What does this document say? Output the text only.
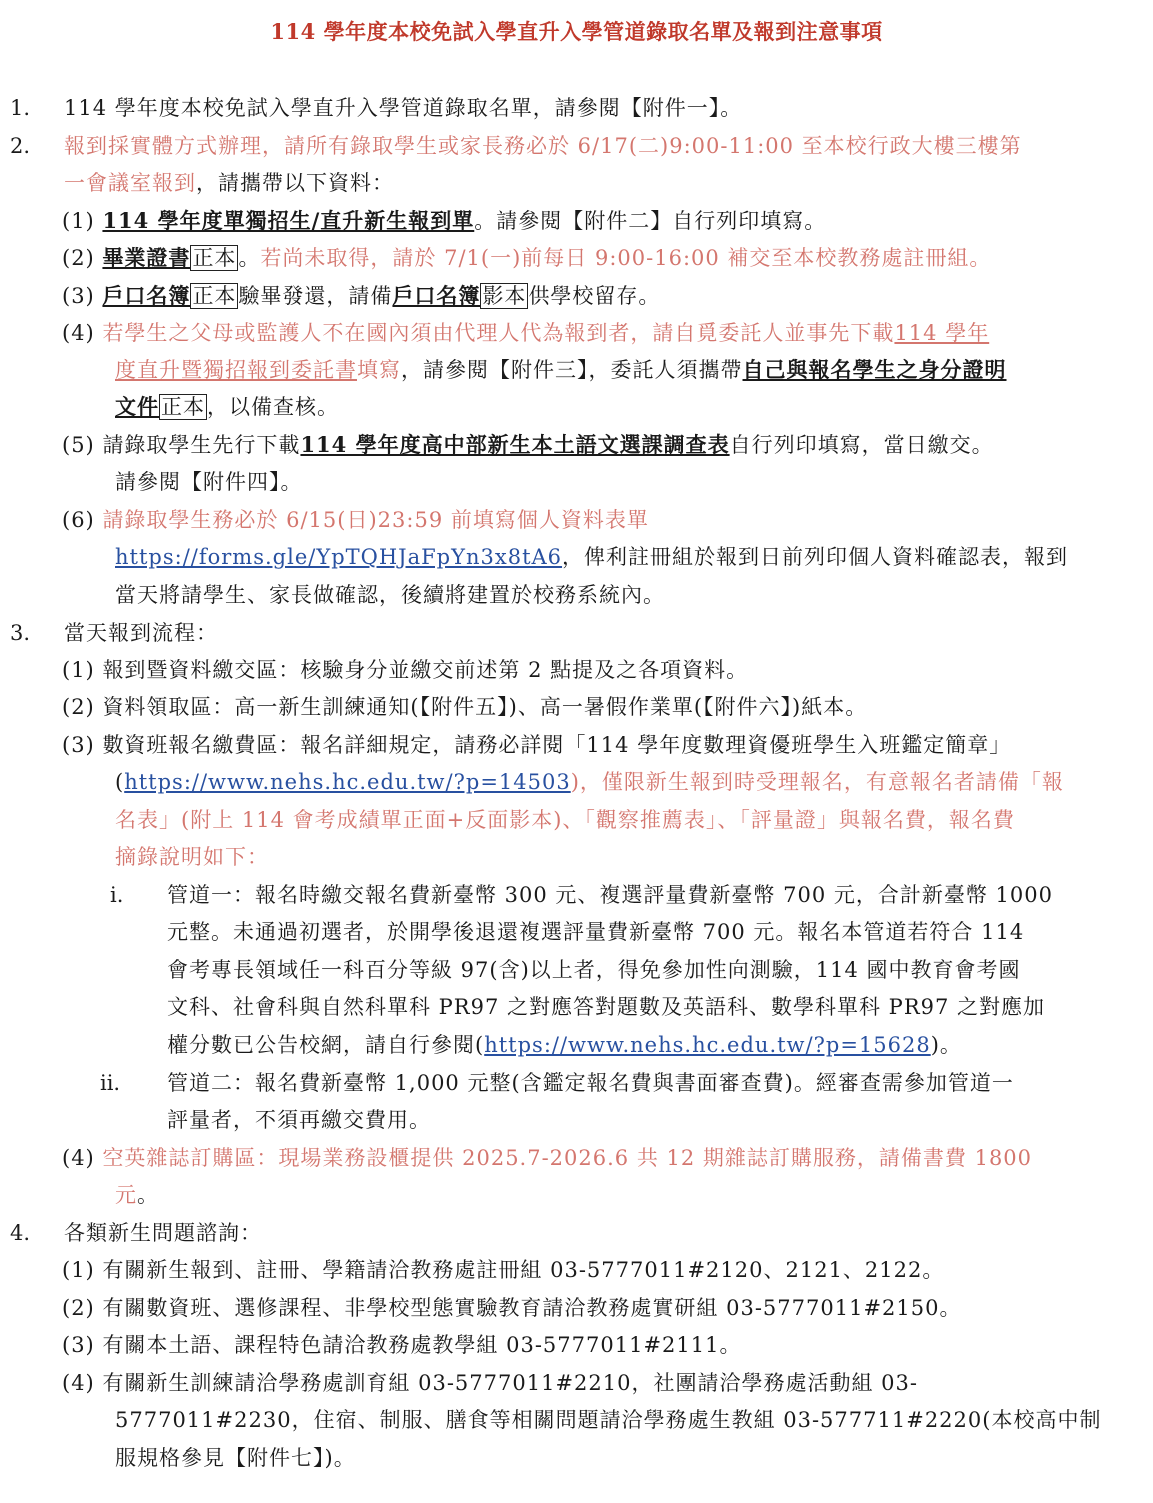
114 學年度本校免試入學直升入學管道錄取名單及報到注意事項
1. 114 學年度本校免試入學直升入學管道錄取名單，請參閱【附件一】。
2. 報到採實體方式辦理，請所有錄取學生或家長務必於 6/17(二)9:00-11:00 至本校行政大樓三樓第
一會議室報到，請攜帶以下資料：
(1) 114 學年度單獨招生/直升新生報到單。請參閱【附件二】自行列印填寫。
(2) 畢業證書正本。若尚未取得，請於 7/1(一)前每日 9:00-16:00 補交至本校教務處註冊組。
(3) 戶口名簿正本驗畢發還，請備戶口名簿影本供學校留存。
(4) 若學生之父母或監護人不在國內須由代理人代為報到者，請自覓委託人並事先下載114 學年
度直升暨獨招報到委託書填寫，請參閱【附件三】，委託人須攜帶自己與報名學生之身分證明
文件正本，以備查核。
(5) 請錄取學生先行下載114 學年度高中部新生本土語文選課調查表自行列印填寫，當日繳交。
請參閱【附件四】。
(6) 請錄取學生務必於 6/15(日)23:59 前填寫個人資料表單
https://forms.gle/YpTQHJaFpYn3x8tA6，俾利註冊組於報到日前列印個人資料確認表，報到
當天將請學生、家長做確認，後續將建置於校務系統內。
3. 當天報到流程：
(1) 報到暨資料繳交區：核驗身分並繳交前述第 2 點提及之各項資料。
(2) 資料領取區：高一新生訓練通知(【附件五】)、高一暑假作業單(【附件六】)紙本。
(3) 數資班報名繳費區：報名詳細規定，請務必詳閱「114 學年度數理資優班學生入班鑑定簡章」
(https://www.nehs.hc.edu.tw/?p=14503)，僅限新生報到時受理報名，有意報名者請備「報
名表」(附上 114 會考成績單正面+反面影本)、「觀察推薦表」、「評量證」與報名費，報名費
摘錄說明如下：
i. 管道一：報名時繳交報名費新臺幣 300 元、複選評量費新臺幣 700 元，合計新臺幣 1000
元整。未通過初選者，於開學後退還複選評量費新臺幣 700 元。報名本管道若符合 114
會考專長領域任一科百分等級 97(含)以上者，得免參加性向測驗，114 國中教育會考國
文科、社會科與自然科單科 PR97 之對應答對題數及英語科、數學科單科 PR97 之對應加
權分數已公告校網，請自行參閱(https://www.nehs.hc.edu.tw/?p=15628)。
ii. 管道二：報名費新臺幣 1,000 元整(含鑑定報名費與書面審查費)。經審查需參加管道一
評量者，不須再繳交費用。
(4) 空英雜誌訂購區：現場業務設櫃提供 2025.7-2026.6 共 12 期雜誌訂購服務，請備書費 1800
元。
4. 各類新生問題諮詢：
(1) 有關新生報到、註冊、學籍請洽教務處註冊組 03-5777011#2120、2121、2122。
(2) 有關數資班、選修課程、非學校型態實驗教育請洽教務處實研組 03-5777011#2150。
(3) 有關本土語、課程特色請洽教務處教學組 03-5777011#2111。
(4) 有關新生訓練請洽學務處訓育組 03-5777011#2210，社團請洽學務處活動組 03-
5777011#2230，住宿、制服、膳食等相關問題請洽學務處生教組 03-577711#2220(本校高中制
服規格參見【附件七】)。
